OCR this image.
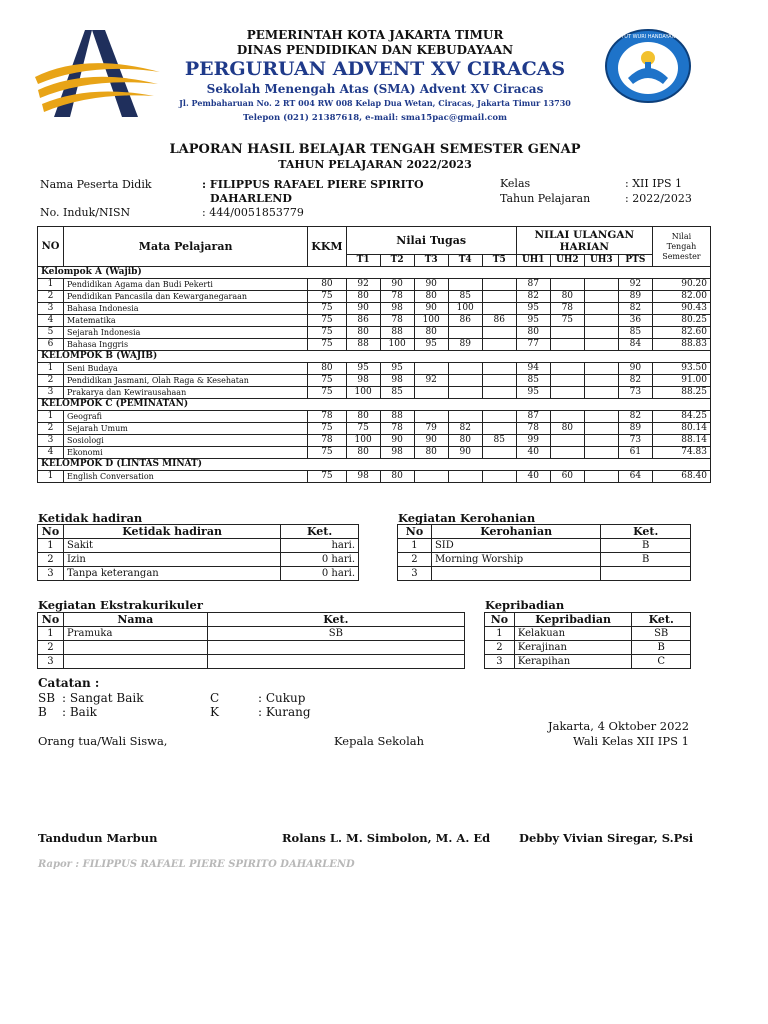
TUT WURI HANDAYANI
PEMERINTAH KOTA JAKARTA TIMUR
DINAS PENDIDIKAN DAN KEBUDAYAAN
PERGURUAN ADVENT XV CIRACAS
Sekolah Menengah Atas (SMA) Advent XV Ciracas
Jl. Pembaharuan No. 2 RT 004 RW 008 Kelap Dua Wetan, Ciracas, Jakarta Timur 13730
Telepon (021) 21387618, e-mail: sma15pac@gmail.com
LAPORAN HASIL BELAJAR TENGAH SEMESTER GENAP
TAHUN PELAJARAN 2022/2023
Nama Peserta Didik	: FILIPPUS RAFAEL PIERE SPIRITO
DAHARLEND
No. Induk/NISN	: 444/0051853779
Kelas	: XII IPS 1
Tahun Pelajaran	: 2022/2023
NO	Mata Pelajaran	KKM	Nilai Tugas					NILAI ULANGAN HARIAN				Nilai Tengah Semester
			T1	T2	T3	T4	T5	UH1	UH2	UH3	PTS	
Kelompok A (Wajib)												
1	Pendidikan Agama dan Budi Pekerti	80	92	90	90			87			92	90.20
2	Pendidikan Pancasila dan Kewarganegaraan	75	80	78	80	85		82	80		89	82.00
3	Bahasa Indonesia	75	90	98	90	100		95	78		82	90.43
4	Matematika	75	86	78	100	86	86	95	75		36	80.25
5	Sejarah Indonesia	75	80	88	80			80			85	82.60
6	Bahasa Inggris	75	88	100	95	89		77			84	88.83
KELOMPOK B (WAJIB)												
1	Seni Budaya	80	95	95				94			90	93.50
2	Pendidikan Jasmani, Olah Raga & Kesehatan	75	98	98	92			85			82	91.00
3	Prakarya dan Kewirausahaan	75	100	85				95			73	88.25
KELOMPOK C (PEMINATAN)												
1	Geografi	78	80	88				87			82	84.25
2	Sejarah Umum	75	75	78	79	82		78	80		89	80.14
3	Sosiologi	78	100	90	90	80	85	99			73	88.14
4	Ekonomi	75	80	98	80	90		40			61	74.83
KELOMPOK D (LINTAS MINAT)												
1	English Conversation	75	98	80				40	60		64	68.40
Ketidak hadiran
No	Ketidak hadiran	Ket.
1	Sakit	hari.
2	Izin	0 hari.
3	Tanpa keterangan	0 hari.
Kegiatan Kerohanian
No	Kerohanian	Ket.
1	SID	B
2	Morning Worship	B
3		
Kegiatan Ekstrakurikuler
No	Nama	Ket.
1	Pramuka	SB
2		
3		
Kepribadian
No	Kepribadian	Ket.
1	Kelakuan	SB
2	Kerajinan	B
3	Kerapihan	C
Catatan :
SB : Sangat Baik	C	: Cukup
B : Baik	K	: Kurang
Jakarta, 4 Oktober 2022
Orang tua/Wali Siswa,	Kepala Sekolah	Wali Kelas XII IPS 1
Tandudun Marbun	Rolans L. M. Simbolon, M. A. Ed	Debby Vivian Siregar, S.Psi
Rapor : FILIPPUS RAFAEL PIERE SPIRITO DAHARLEND
